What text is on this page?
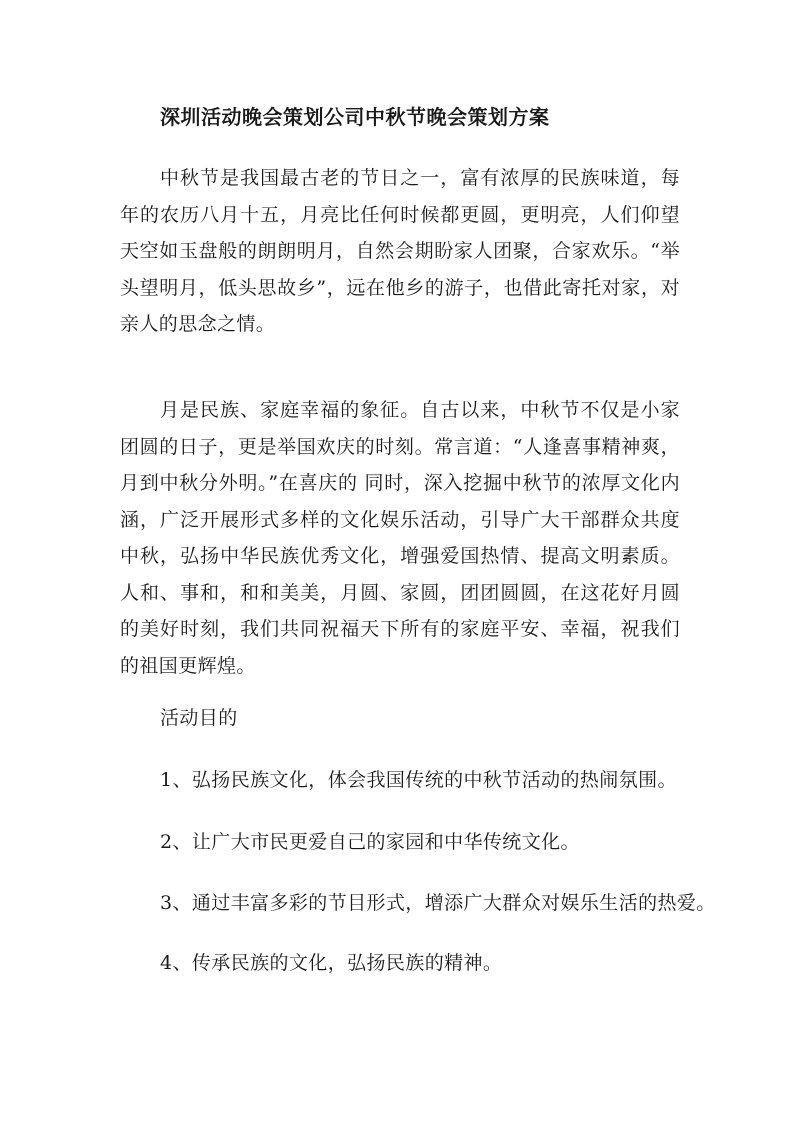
深圳活动晚会策划公司中秋节晚会策划方案

中秋节是我国最古老的节日之一，富有浓厚的民族味道，每年的农历八月十五，月亮比任何时候都更圆，更明亮，人们仰望天空如玉盘般的朗朗明月，自然会期盼家人团聚，合家欢乐。“举头望明月，低头思故乡”，远在他乡的游子，也借此寄托对家，对亲人的思念之情。

月是民族、家庭幸福的象征。自古以来，中秋节不仅是小家团圆的日子，更是举国欢庆的时刻。常言道：“人逢喜事精神爽，月到中秋分外明。”在喜庆的 同时，深入挖掘中秋节的浓厚文化内涵，广泛开展形式多样的文化娱乐活动，引导广大干部群众共度中秋，弘扬中华民族优秀文化，增强爱国热情、提高文明素质。 人和、事和，和和美美，月圆、家圆，团团圆圆，在这花好月圆的美好时刻，我们共同祝福天下所有的家庭平安、幸福，祝我们的祖国更辉煌。

活动目的

1、弘扬民族文化，体会我国传统的中秋节活动的热闹氛围。

2、让广大市民更爱自己的家园和中华传统文化。

3、通过丰富多彩的节目形式，增添广大群众对娱乐生活的热爱。

4、传承民族的文化，弘扬民族的精神。
